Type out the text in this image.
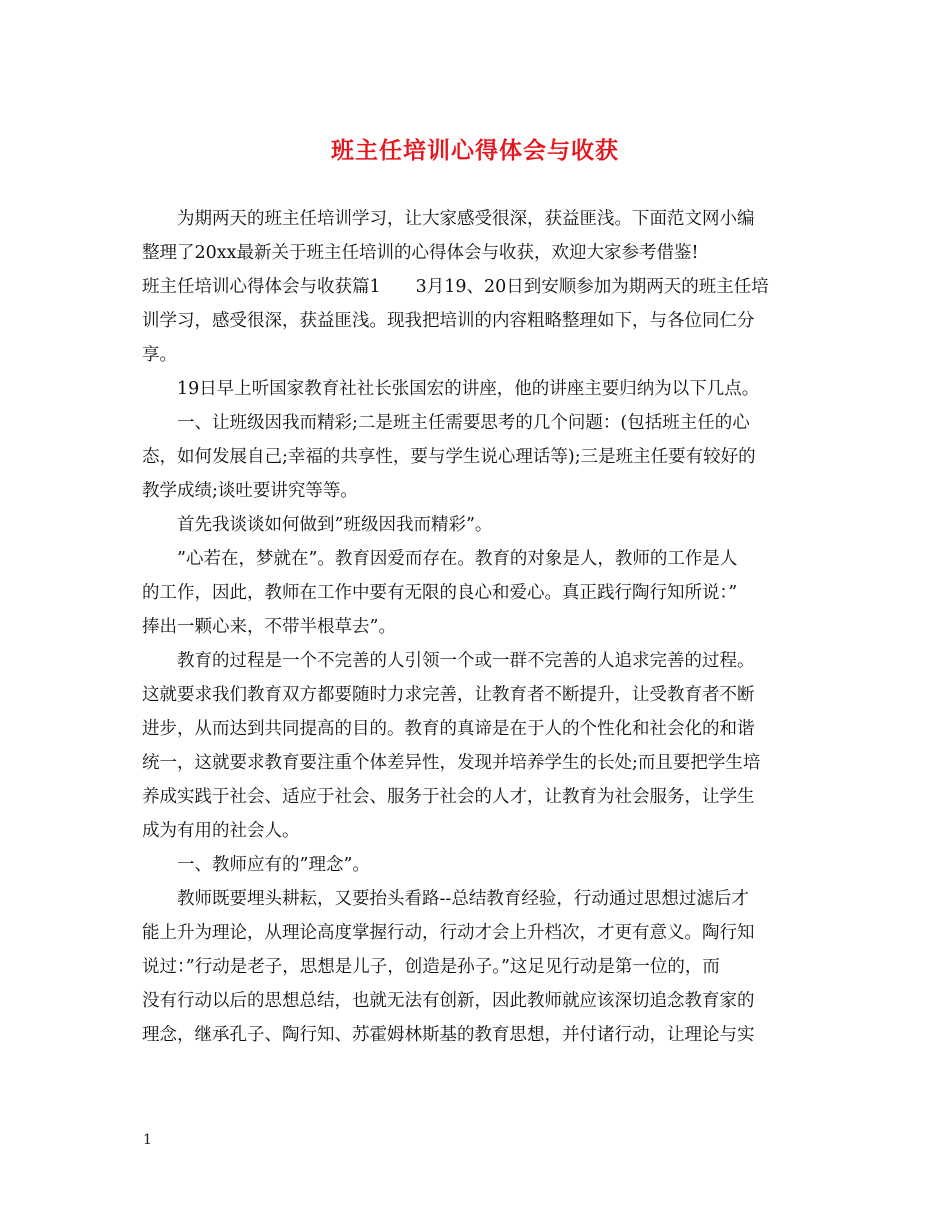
班主任培训心得体会与收获
为期两天的班主任培训学习，让大家感受很深，获益匪浅。下面范文网小编
整理了20xx最新关于班主任培训的心得体会与收获，欢迎大家参考借鉴!
班主任培训心得体会与收获篇1　　3月19、20日到安顺参加为期两天的班主任培
训学习，感受很深，获益匪浅。现我把培训的内容粗略整理如下，与各位同仁分
享。
19日早上听国家教育社社长张国宏的讲座，他的讲座主要归纳为以下几点。
一、让班级因我而精彩;二是班主任需要思考的几个问题：(包括班主任的心
态，如何发展自己;幸福的共享性，要与学生说心理话等);三是班主任要有较好的
教学成绩;谈吐要讲究等等。
首先我谈谈如何做到”班级因我而精彩”。
”心若在，梦就在”。教育因爱而存在。教育的对象是人，教师的工作是人
的工作，因此，教师在工作中要有无限的良心和爱心。真正践行陶行知所说：”
捧出一颗心来，不带半根草去”。
教育的过程是一个不完善的人引领一个或一群不完善的人追求完善的过程。
这就要求我们教育双方都要随时力求完善，让教育者不断提升，让受教育者不断
进步，从而达到共同提高的目的。教育的真谛是在于人的个性化和社会化的和谐
统一，这就要求教育要注重个体差异性，发现并培养学生的长处;而且要把学生培
养成实践于社会、适应于社会、服务于社会的人才，让教育为社会服务，让学生
成为有用的社会人。
一、教师应有的”理念”。
教师既要埋头耕耘，又要抬头看路--总结教育经验，行动通过思想过滤后才
能上升为理论，从理论高度掌握行动，行动才会上升档次，才更有意义。陶行知
说过：”行动是老子，思想是儿子，创造是孙子。”这足见行动是第一位的，而
没有行动以后的思想总结，也就无法有创新，因此教师就应该深切追念教育家的
理念，继承孔子、陶行知、苏霍姆林斯基的教育思想，并付诸行动，让理论与实
1
